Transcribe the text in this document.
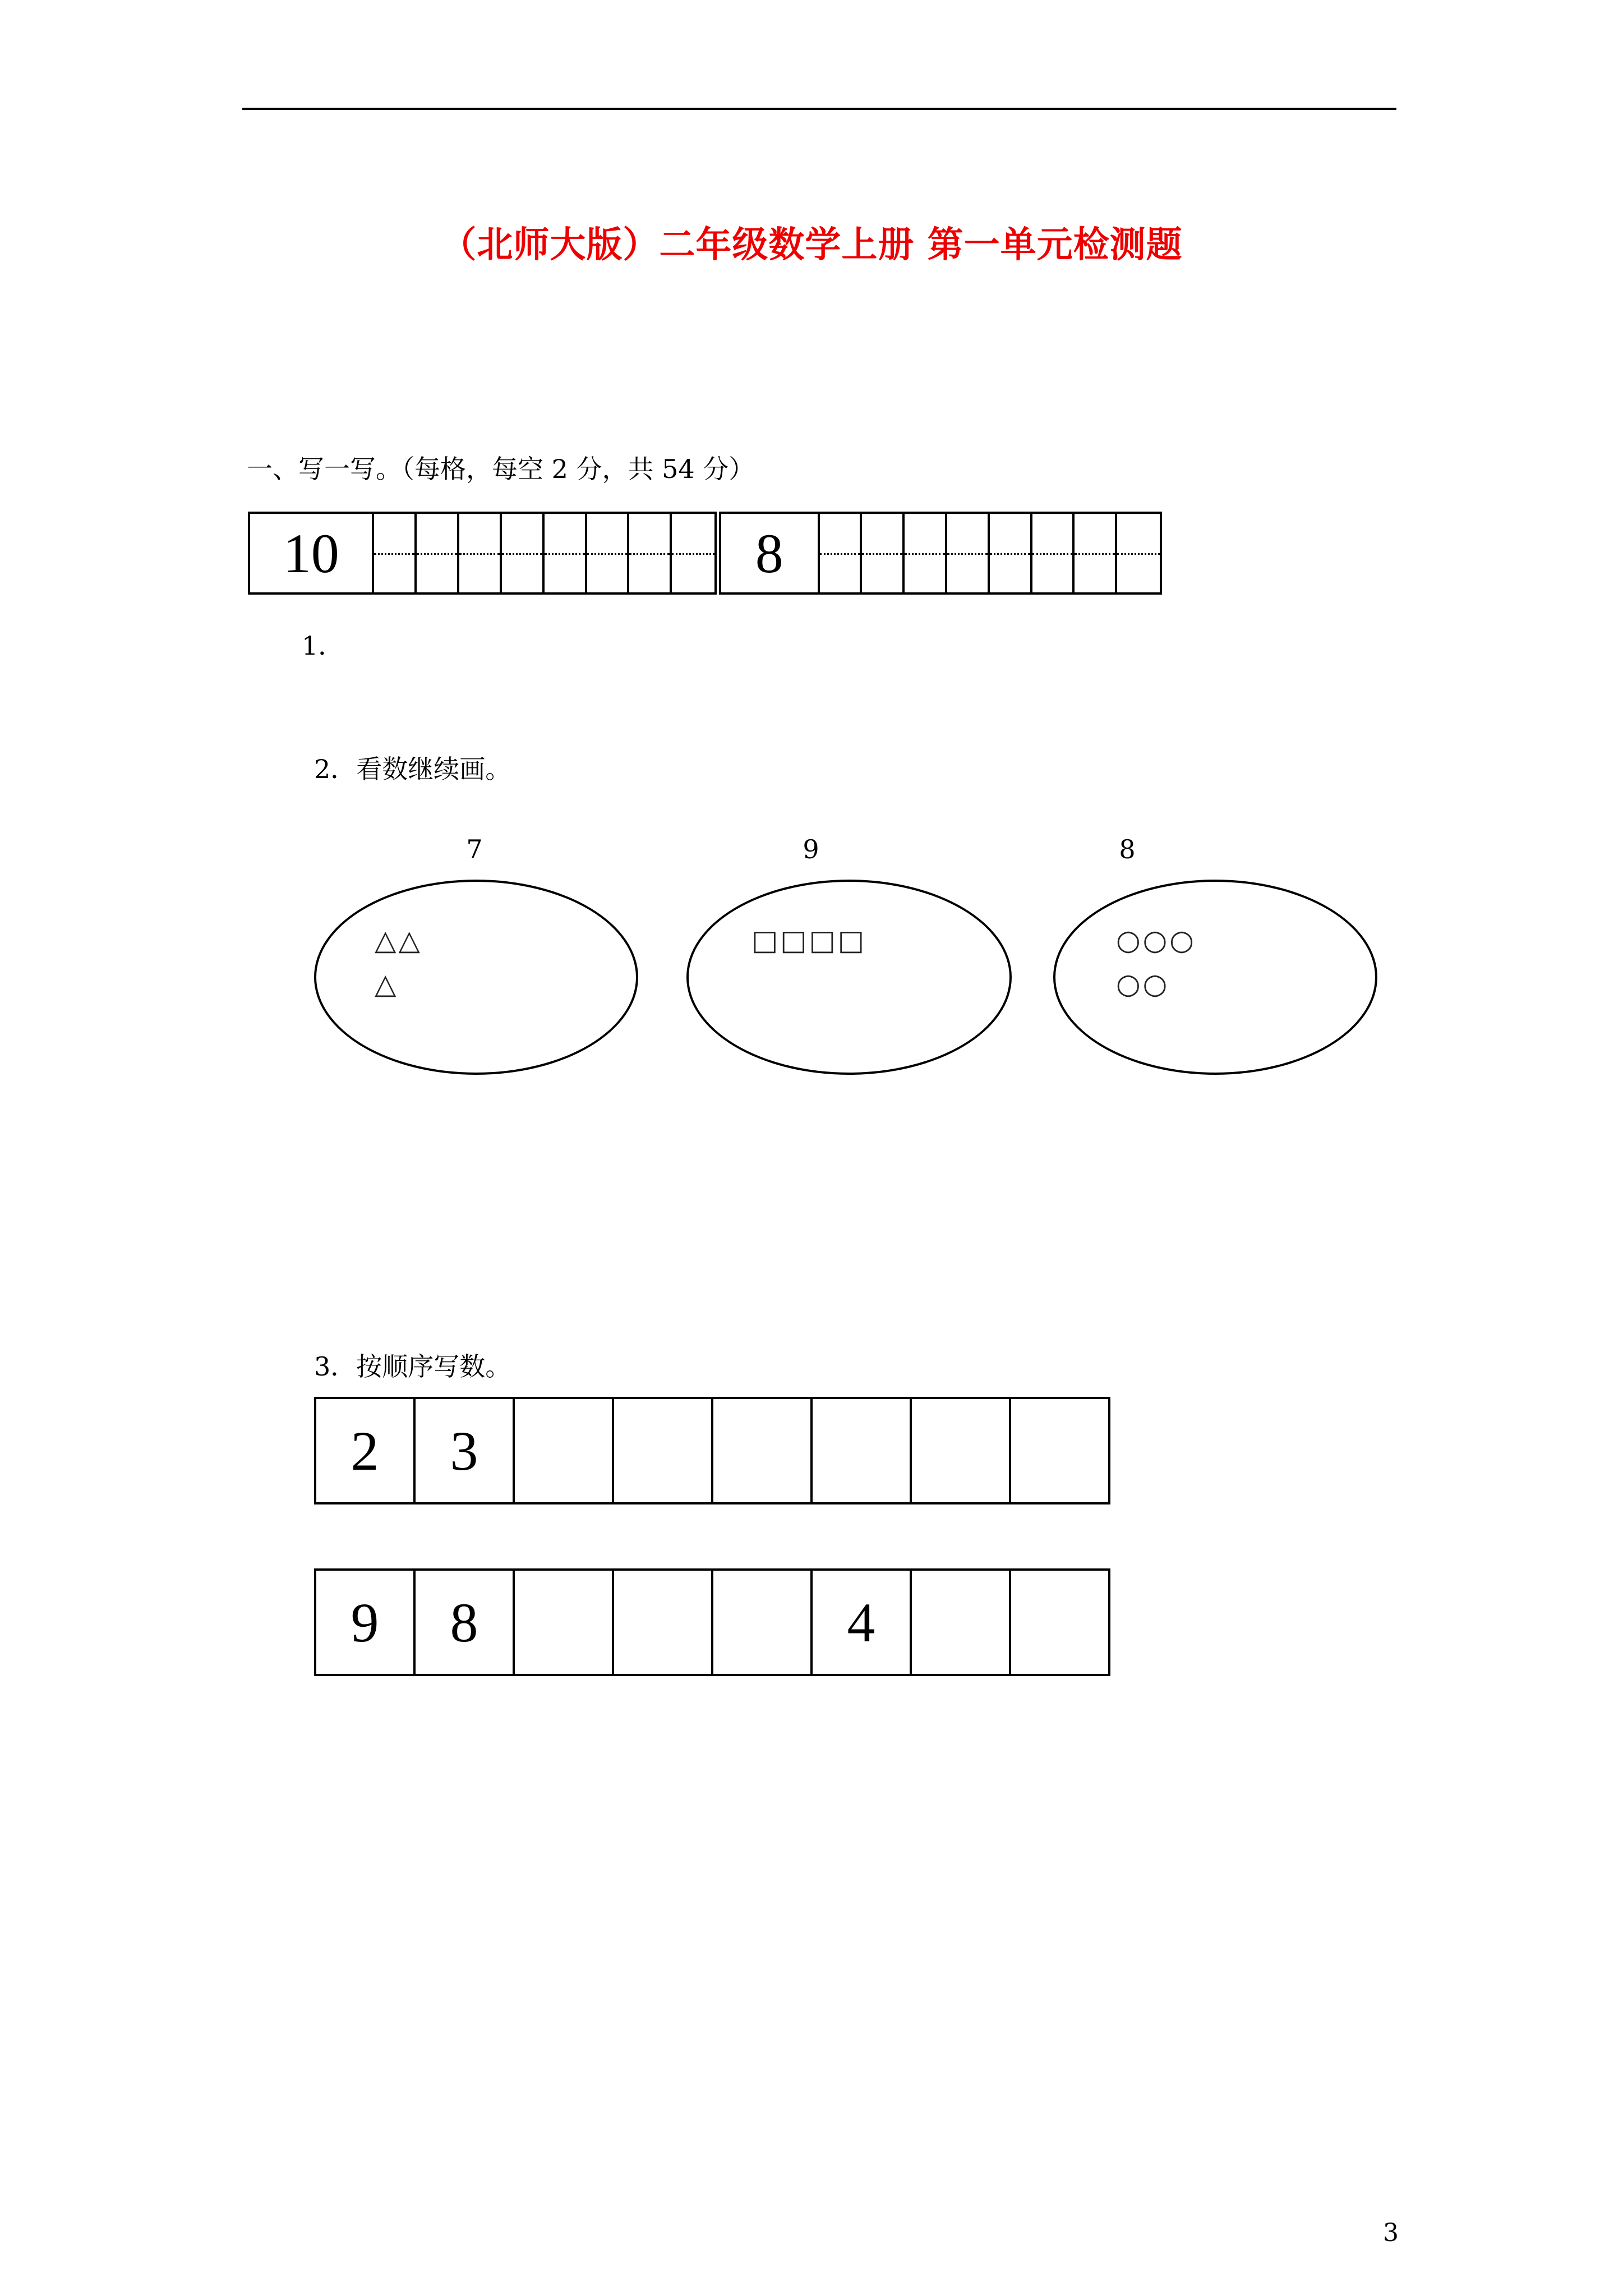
（北师大版）二年级数学上册 第一单元检测题
一、写一写。（每格，每空 2 分，共 54 分）
10	8
1．
2．看数继续画。
7
△△
△
9
□□□□
8
○○○
○○
3．按顺序写数。
2	3
9	8	4
3
